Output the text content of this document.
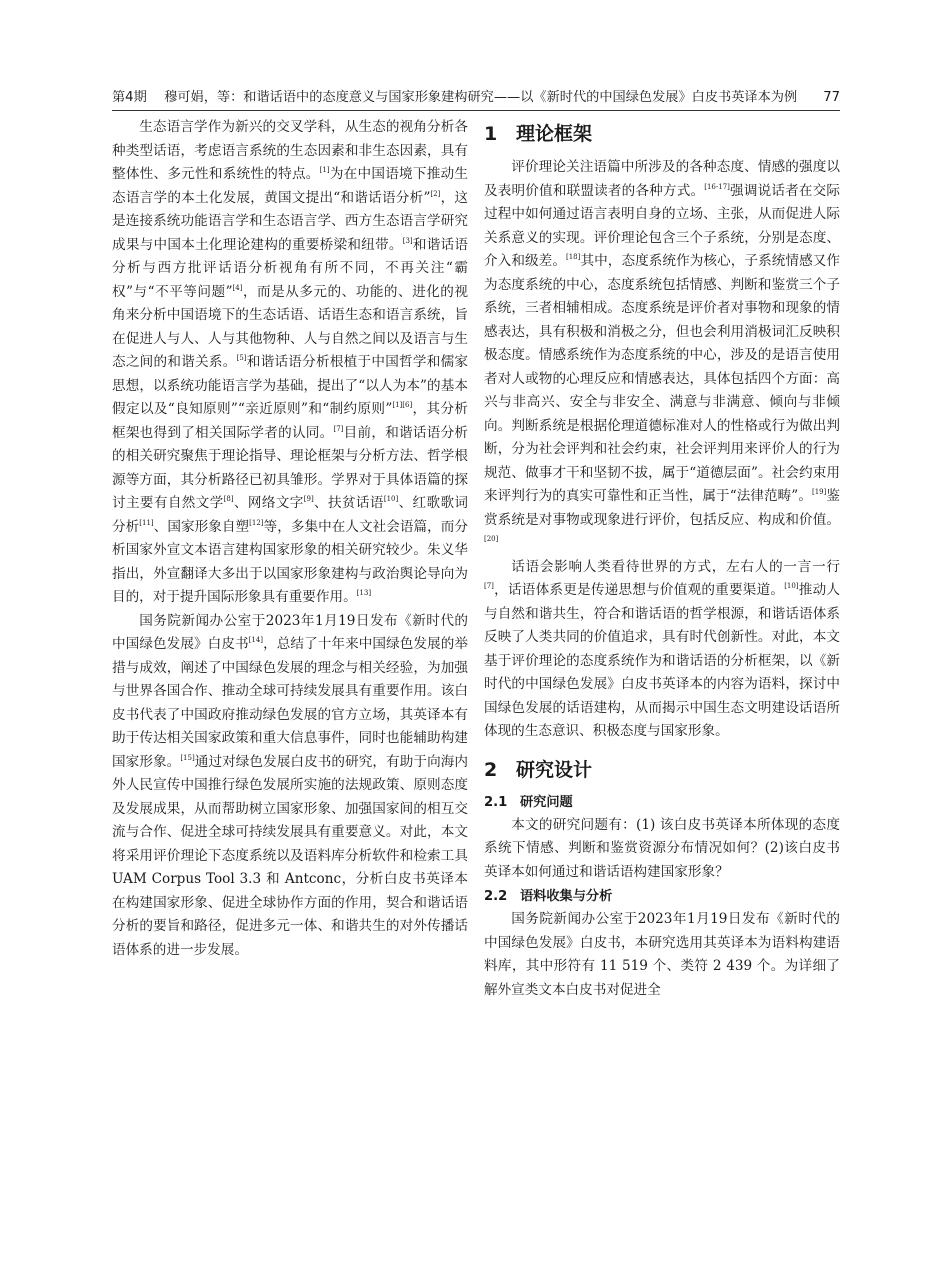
第4期　 穆可娟，等：和谐话语中的态度意义与国家形象建构研究——以《新时代的中国绿色发展》白皮书英译本为例 77

生态语言学作为新兴的交叉学科，从生态的视角分析各种类型话语，考虑语言系统的生态因素和非生态因素，具有整体性、多元性和系统性的特点。[1]为在中国语境下推动生态语言学的本土化发展，黄国文提出“和谐话语分析”[2]，这是连接系统功能语言学和生态语言学、西方生态语言学研究成果与中国本土化理论建构的重要桥梁和纽带。[3]和谐话语分析与西方批评话语分析视角有所不同，不再关注“霸权”与“不平等问题”[4]，而是从多元的、功能的、进化的视角来分析中国语境下的生态话语、话语生态和语言系统，旨在促进人与人、人与其他物种、人与自然之间以及语言与生态之间的和谐关系。[5]和谐话语分析根植于中国哲学和儒家思想，以系统功能语言学为基础，提出了“以人为本”的基本假定以及“良知原则”“亲近原则”和“制约原则”[1][6]，其分析框架也得到了相关国际学者的认同。[7]目前，和谐话语分析的相关研究聚焦于理论指导、理论框架与分析方法、哲学根源等方面，其分析路径已初具雏形。学界对于具体语篇的探讨主要有自然文学[8]、网络文字[9]、扶贫话语[10]、红歌歌词分析[11]、国家形象自塑[12]等，多集中在人文社会语篇，而分析国家外宣文本语言建构国家形象的相关研究较少。朱义华指出，外宣翻译大多出于以国家形象建构与政治舆论导向为目的，对于提升国际形象具有重要作用。[13]

国务院新闻办公室于2023年1月19日发布《新时代的中国绿色发展》白皮书[14]，总结了十年来中国绿色发展的举措与成效，阐述了中国绿色发展的理念与相关经验，为加强与世界各国合作、推动全球可持续发展具有重要作用。该白皮书代表了中国政府推动绿色发展的官方立场，其英译本有助于传达相关国家政策和重大信息事件，同时也能辅助构建国家形象。[15]通过对绿色发展白皮书的研究，有助于向海内外人民宣传中国推行绿色发展所实施的法规政策、原则态度及发展成果，从而帮助树立国家形象、加强国家间的相互交流与合作、促进全球可持续发展具有重要意义。对此，本文将采用评价理论下态度系统以及语料库分析软件和检索工具 UAM Corpus Tool 3.3 和 Antconc，分析白皮书英译本在构建国家形象、促进全球协作方面的作用，契合和谐话语分析的要旨和路径，促进多元一体、和谐共生的对外传播话语体系的进一步发展。

1 理论框架

评价理论关注语篇中所涉及的各种态度、情感的强度以及表明价值和联盟读者的各种方式。[16-17]强调说话者在交际过程中如何通过语言表明自身的立场、主张，从而促进人际关系意义的实现。评价理论包含三个子系统，分别是态度、介入和级差。[18]其中，态度系统作为核心，子系统情感又作为态度系统的中心，态度系统包括情感、判断和鉴赏三个子系统，三者相辅相成。态度系统是评价者对事物和现象的情感表达，具有积极和消极之分，但也会利用消极词汇反映积极态度。情感系统作为态度系统的中心，涉及的是语言使用者对人或物的心理反应和情感表达，具体包括四个方面：高兴与非高兴、安全与非安全、满意与非满意、倾向与非倾向。判断系统是根据伦理道德标准对人的性格或行为做出判断，分为社会评判和社会约束，社会评判用来评价人的行为规范、做事才干和坚韧不拔，属于“道德层面”。社会约束用来评判行为的真实可靠性和正当性，属于“法律范畴”。[19]鉴赏系统是对事物或现象进行评价，包括反应、构成和价值。[20]

话语会影响人类看待世界的方式，左右人的一言一行[7]，话语体系更是传递思想与价值观的重要渠道。[10]推动人与自然和谐共生，符合和谐话语的哲学根源，和谐话语体系反映了人类共同的价值追求，具有时代创新性。对此，本文基于评价理论的态度系统作为和谐话语的分析框架，以《新时代的中国绿色发展》白皮书英译本的内容为语料，探讨中国绿色发展的话语建构，从而揭示中国生态文明建设话语所体现的生态意识、积极态度与国家形象。

2 研究设计
2.1 研究问题

本文的研究问题有：(1) 该白皮书英译本所体现的态度系统下情感、判断和鉴赏资源分布情况如何？(2)该白皮书英译本如何通过和谐话语构建国家形象？

2.2 语料收集与分析

国务院新闻办公室于2023年1月19日发布《新时代的中国绿色发展》白皮书，本研究选用其英译本为语料构建语料库，其中形符有 11 519 个、类符 2 439 个。为详细了解外宣类文本白皮书对促进全
